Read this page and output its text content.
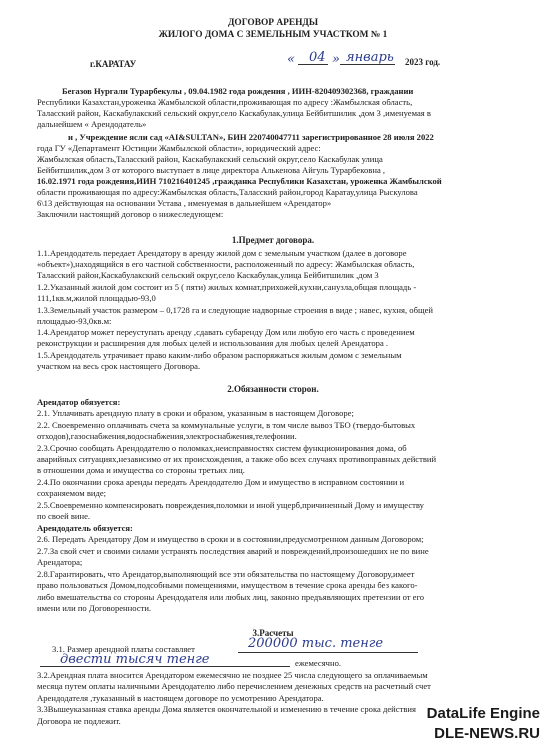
ДОГОВОР АРЕНДЫ
ЖИЛОГО ДОМА С ЗЕМЕЛЬНЫМ УЧАСТКОМ № 1
г.КАРАТАУ	« 04 » январь 2023 год.
Бегазов Нургали Турарбекулы , 09.04.1982 года рождения , ИИН-820409302368, граждании
Республики Казахстан,уроженка Жамбылской области,проживающая по адресу :Жамбылская область,
Таласский район, Каскабулакский сельский округ,село Каскабулак,улица Бейбитшилик ,дом 3 ,именуемая в
дальнейшем « Арендодатель»
и , Учреждение ясли сад «AI&SULTAN», БИН 220740047711 зарегистрированное 28 июля 2022
года ГУ «Департамент Юстиции Жамбылской области», юридический адрес:
Жамбылская область,Таласский район, Каскабулакский сельский округ,село Каскабулак улица
Бейбитшилик,дом 3 от которого выступает в лице директора Алькенова Айгуль Турарбековна ,
16.02.1971 года рождения,ИИН 710216401245 ,гражданка Республики Казахстан, уроженка Жамбылской
области проживающая по адресу:Жамбылская область,Таласский район,город Каратау,улица Рыскулова
6\13 действующая на основании Устава , именуемая в дальнейшем «Арендатор»
Заключили настоящий договор о нижеследующем:
1.Предмет договора.
1.1.Арендодатель передает Арендатору в аренду жилой дом с земельным участком (далее в договоре
«объект»),находящийся в его частной собственности, расположенный по адресу: Жамбылская область,
Таласский район,Каскабулакский сельский округ,село Каскабулак,улица Бейбитшилик ,дом 3
1.2.Указанный жилой дом состоит из 5 ( пяти) жилых комнат,прихожей,кухни,санузла,общая площадь -
111,1кв.м,жилой площадью-93,0
1.3.Земельный участок размером – 0,1728 га и следующие надворные строения в виде ; навес, кухня, общей
площадью-93,0кв.м:
1.4.Арендатор может переуступать аренду ,сдавать субаренду Дом или любую его часть с проведением
реконструкции и расширения для любых целей и использования для любых целей Арендатора .
1.5.Арендодатель утрачивает право каким-либо образом распоряжаться жилым домом с земельным
участком на весь срок настоящего Договора.
2.Обязанности сторон.
Арендатор обязуется:
2.1. Уплачивать арендную плату в сроки и образом, указанным в настоящем Договоре;
2.2. Своевременно оплачивать счета за коммунальные услуги, в том числе вывоз ТБО (твердо-бытовых
отходов),газоснабжения,водоснабжения,электроснабжения,телефонии.
2.3.Срочно сообщать Арендодателю о поломках,неисправностях систем функционирования дома, об
аварийных ситуациях,независимо от их происхождения, а также обо всех случаях противоправных действий
в отношении дома и имущества со стороны третьих лиц.
2.4.По окончании срока аренды передать Арендодателю Дом и имущество в исправном состоянии и
сохраняемом виде;
2.5.Своевременно компенсировать повреждения,поломки и иной ущерб,причиненный Дому и имуществу
по своей вине.
Арендодатель обязуется:
2.6. Передать Арендатору Дом и имущество в сроки и в состоянии,предусмотренном данным Договором;
2.7.За свой счет и своими силами устранять последствия аварий и повреждений,произошедших не по вине
Арендатора;
2.8.Гарантировать, что Арендатор,выполняющий все эти обязательства по настоящему Договору,имеет
право пользоваться Домом,подсобными помещениями, имуществом в течение срока аренды без какого-
либо вмешательства со стороны Арендодателя или любых лиц, законно предъявляющих претензии от его
имени или по Договоренности.
3.Расчеты
3.1. Размер арендной платы составляет	200000 тыс. тенге
двести тысяч тенге	ежемесячно.
3.2.Арендная плата вносится Арендатором ежемесячно не позднее 25 числа следующего за оплачиваемым
месяца путем оплаты наличными Арендодателю либо перечислением денежных средств на расчетный счет
Арендодателя ,туказанный в настоящем договоре по усмотрению Арендатора.
3.3Вышеуказанная ставка аренды Дома является окончательной и изменению в течение срока действия
Договора не подлежит.	DataLife Engine
DLE-NEWS.RU
